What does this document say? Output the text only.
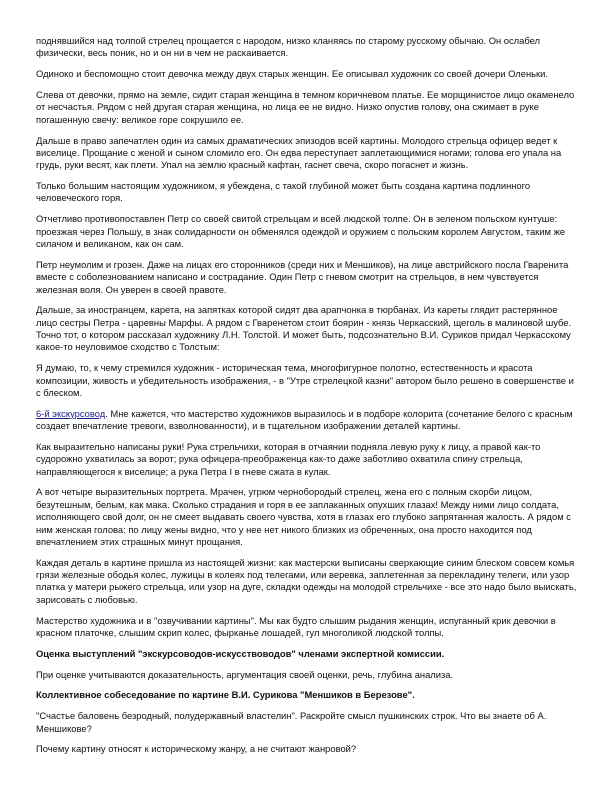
поднявшийся над толпой стрелец прощается с народом, низко кланяясь по старому русскому обычаю. Он ослабел физически, весь поник, но и он ни в чем не раскаивается.

Одиноко и беспомощно стоит девочка между двух старых женщин. Ее описывал художник со своей дочери Оленьки.

Слева от девочки, прямо на земле, сидит старая женщина в темном коричневом платье. Ее морщинистое лицо окаменело от несчастья. Рядом с ней другая старая женщина, но лица ее не видно. Низко опустив голову, она сжимает в руке погашенную свечу: великое горе сокрушило ее.

Дальше в право запечатлен один из самых драматических эпизодов всей картины. Молодого стрельца офицер ведет к виселице. Прощание с женой и сыном сломило его. Он едва переступает заплетающимися ногами; голова его упала на грудь, руки весят, как плети. Упал на землю красный кафтан, гаснет свеча, скоро погаснет и жизнь.

Только большим настоящим художником, я убеждена, с такой глубиной может быть создана картина подлинного человеческого горя.

Отчетливо противопоставлен Петр со своей свитой стрельцам и всей людской толпе. Он в зеленом польском кунтуше: проезжая через Польшу, в знак солидарности он обменялся одеждой и оружием с польским королем Августом, таким же силачом и великаном, как он сам.

Петр неумолим и грозен. Даже на лицах его сторонников (среди них и Меншиков), на лице австрийского посла Гваренита вместе с соболезнованием написано и сострадание. Один Петр с гневом смотрит на стрельцов, в нем чувствуется железная воля. Он уверен в своей правоте.

Дальше, за иностранцем, карета, на запятках которой сидят два арапчонка в тюрбанах. Из кареты глядит растерянное лицо сестры Петра - царевны Марфы. А рядом с Гваренетом стоит боярин - князь Черкасский, щеголь в малиновой шубе. Точно тот, о котором рассказал художнику Л.Н. Толстой. И может быть, подсознательно В.И. Суриков придал Черкасскому какое-то неуловимое сходство с Толстым:

Я думаю, то, к чему стремился художник - историческая тема, многофигурное полотно, естественность и красота композиции, живость и убедительность изображения, - в "Утре стрелецкой казни" автором было решено в совершенстве и с блеском.

6-й экскурсовод. Мне кажется, что мастерство художников выразилось и в подборе колорита (сочетание белого с красным создает впечатление тревоги, взволнованности), и в тщательном изображении деталей картины.

Как выразительно написаны руки! Рука стрельчихи, которая в отчаянии подняла левую руку к лицу, а правой как-то судорожно ухватилась за ворот; рука офицера-преображенца как-то даже заботливо охватила спину стрельца, направляющегося к виселице; а рука Петра I в гневе сжата в кулак.

А вот четыре выразительных портрета. Мрачен, угрюм чернобородый стрелец, жена его с полным скорби лицом, безутешным, белым, как мака. Сколько страдания и горя в ее заплаканных опухших глазах! Между ними лицо солдата, исполняющего свой долг, он не смеет выдавать своего чувства, хотя в глазах его глубоко запрятанная жалость. А рядом с ним женская голова: по лицу жены видно, что у нее нет никого близких из обреченных, она просто находится под впечатлением этих страшных минут прощания.

Каждая деталь в картине пришла из настоящей жизни: как мастерски выписаны сверкающие синим блеском совсем комья грязи железные ободья колес, лужицы в колеях под телегами, или веревка, заплетенная за перекладину телеги, или узор платка у матери рыжего стрельца, или узор на дуге, складки одежды на молодой стрельчихе - все это надо было выискать, зарисовать с любовью.

Мастерство художника и в "озвучивании картины". Мы как будто слышим рыдания женщин, испуганный крик девочки в красном платочке, слышим скрип колес, фырканье лошадей, гул многоликой людской толпы.

Оценка выступлений "экскурсоводов-искусствоводов" членами экспертной комиссии.

При оценке учитываются доказательность, аргументация своей оценки, речь, глубина анализа.

Коллективное собеседование по картине В.И. Сурикова "Меншиков в Березове".

"Счастье баловень безродный, полудержавный властелин". Раскройте смысл пушкинских строк. Что вы знаете об А. Меншикове?

Почему картину относят к историческому жанру, а не считают жанровой?
